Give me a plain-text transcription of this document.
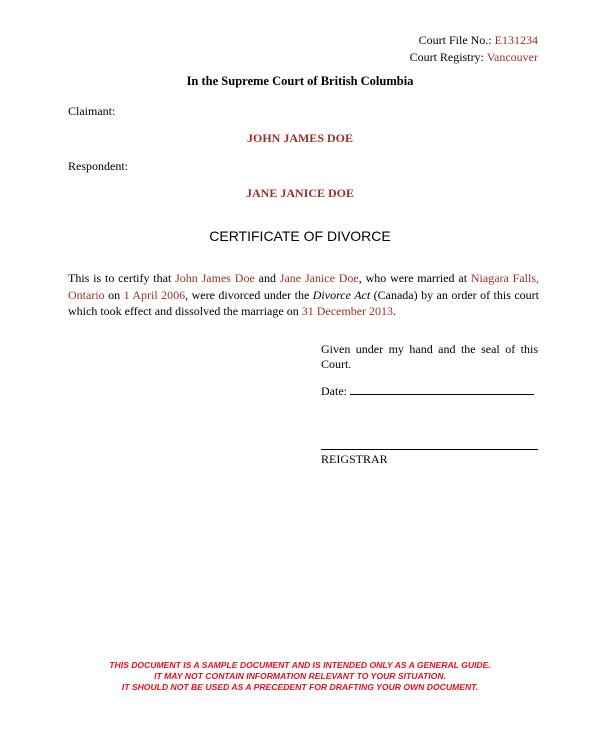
Court File No.: E131234
Court Registry: Vancouver
In the Supreme Court of British Columbia
Claimant:
JOHN JAMES DOE
Respondent:
JANE JANICE DOE
CERTIFICATE OF DIVORCE
This is to certify that John James Doe and Jane Janice Doe, who were married at Niagara Falls, Ontario on 1 April 2006, were divorced under the Divorce Act (Canada) by an order of this court which took effect and dissolved the marriage on 31 December 2013.
Given under my hand and the seal of this Court.
Date:
REIGSTRAR
THIS DOCUMENT IS A SAMPLE DOCUMENT AND IS INTENDED ONLY AS A GENERAL GUIDE.
IT MAY NOT CONTAIN INFORMATION RELEVANT TO YOUR SITUATION.
IT SHOULD NOT BE USED AS A PRECEDENT FOR DRAFTING YOUR OWN DOCUMENT.
